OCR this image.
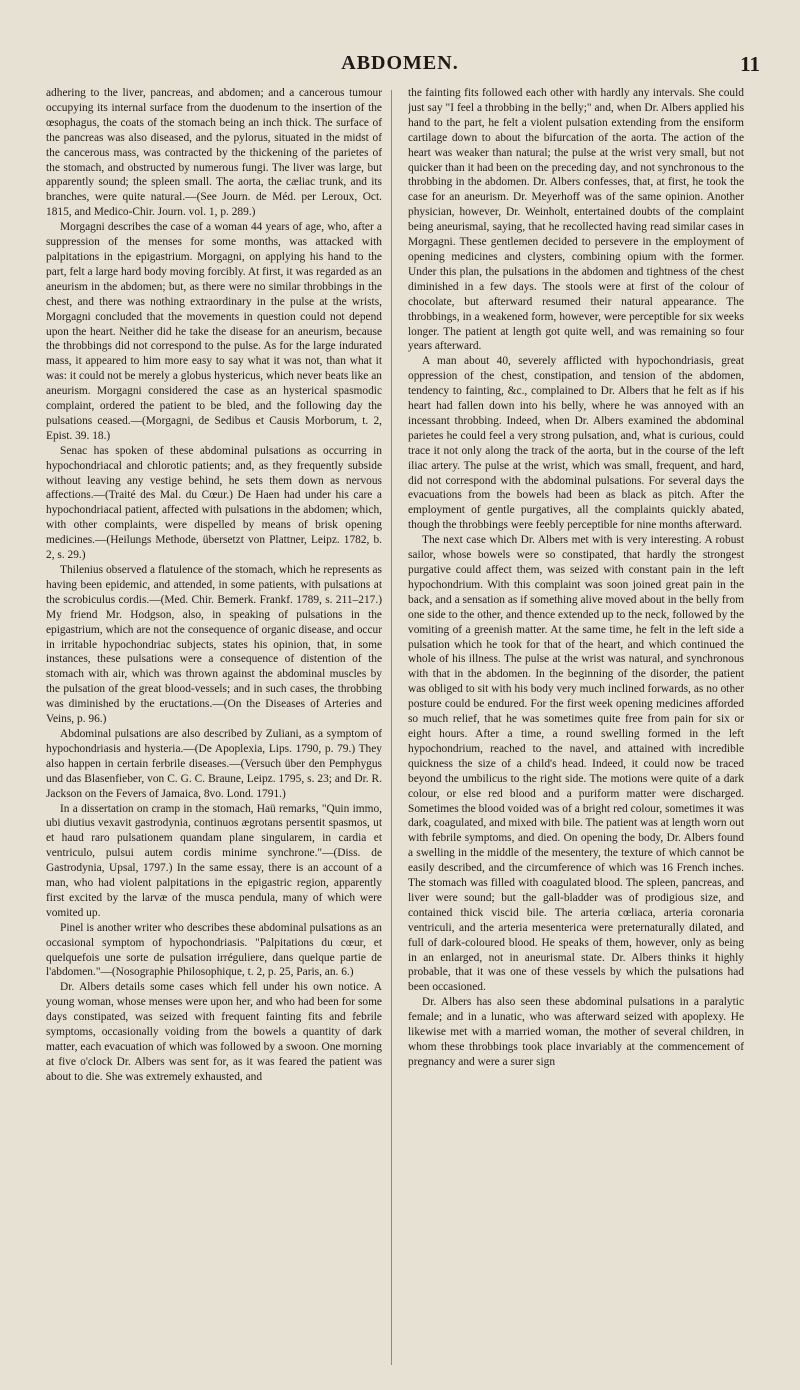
ABDOMEN.	11

adhering to the liver, pancreas, and abdomen; and a cancerous tumour occupying its internal surface from the duodenum to the insertion of the œsophagus, the coats of the stomach being an inch thick. The surface of the pancreas was also diseased, and the pylorus, situated in the midst of the cancerous mass, was contracted by the thickening of the parietes of the stomach, and obstructed by numerous fungi. The liver was large, but apparently sound; the spleen small. The aorta, the cæliac trunk, and its branches, were quite natural.—(See Journ. de Méd. per Leroux, Oct. 1815, and Medico-Chir. Journ. vol. 1, p. 289.)

Morgagni describes the case of a woman 44 years of age, who, after a suppression of the menses for some months, was attacked with palpitations in the epigastrium. Morgagni, on applying his hand to the part, felt a large hard body moving forcibly. At first, it was regarded as an aneurism in the abdomen; but, as there were no similar throbbings in the chest, and there was nothing extraordinary in the pulse at the wrists, Morgagni concluded that the movements in question could not depend upon the heart. Neither did he take the disease for an aneurism, because the throbbings did not correspond to the pulse. As for the large indurated mass, it appeared to him more easy to say what it was not, than what it was: it could not be merely a globus hystericus, which never beats like an aneurism. Morgagni considered the case as an hysterical spasmodic complaint, ordered the patient to be bled, and the following day the pulsations ceased.—(Morgagni, de Sedibus et Causis Morborum, t. 2, Epist. 39. 18.)

Senac has spoken of these abdominal pulsations as occurring in hypochondriacal and chlorotic patients; and, as they frequently subside without leaving any vestige behind, he sets them down as nervous affections.—(Traité des Mal. du Cœur.) De Haen had under his care a hypochondriacal patient, affected with pulsations in the abdomen; which, with other complaints, were dispelled by means of brisk opening medicines.—(Heilungs Methode, übersetzt von Plattner, Leipz. 1782, b. 2, s. 29.)

Thilenius observed a flatulence of the stomach, which he represents as having been epidemic, and attended, in some patients, with pulsations at the scrobiculus cordis.—(Med. Chir. Bemerk. Frankf. 1789, s. 211–217.) My friend Mr. Hodgson, also, in speaking of pulsations in the epigastrium, which are not the consequence of organic disease, and occur in irritable hypochondriac subjects, states his opinion, that, in some instances, these pulsations were a consequence of distention of the stomach with air, which was thrown against the abdominal muscles by the pulsation of the great blood-vessels; and in such cases, the throbbing was diminished by the eructations.—(On the Diseases of Arteries and Veins, p. 96.)

Abdominal pulsations are also described by Zuliani, as a symptom of hypochondriasis and hysteria.—(De Apoplexia, Lips. 1790, p. 79.) They also happen in certain ferbrile diseases.—(Versuch über den Pemphygus und das Blasenfieber, von C. G. C. Braune, Leipz. 1795, s. 23; and Dr. R. Jackson on the Fevers of Jamaica, 8vo. Lond. 1791.)

In a dissertation on cramp in the stomach, Haü remarks, "Quin immo, ubi diutius vexavit gastrodynia, continuos ægrotans persentit spasmos, ut et haud raro pulsationem quandam plane singularem, in cardia et ventriculo, pulsui autem cordis minime synchrone."—(Diss. de Gastrodynia, Upsal, 1797.) In the same essay, there is an account of a man, who had violent palpitations in the epigastric region, apparently first excited by the larvæ of the musca pendula, many of which were vomited up.

Pinel is another writer who describes these abdominal pulsations as an occasional symptom of hypochondriasis. "Palpitations du cœur, et quelquefois une sorte de pulsation irréguliere, dans quelque partie de l'abdomen."—(Nosographie Philosophique, t. 2, p. 25, Paris, an. 6.)

Dr. Albers details some cases which fell under his own notice. A young woman, whose menses were upon her, and who had been for some days constipated, was seized with frequent fainting fits and febrile symptoms, occasionally voiding from the bowels a quantity of dark matter, each evacuation of which was followed by a swoon. One morning at five o'clock Dr. Albers was sent for, as it was feared the patient was about to die. She was extremely exhausted, and

the fainting fits followed each other with hardly any intervals. She could just say "I feel a throbbing in the belly;" and, when Dr. Albers applied his hand to the part, he felt a violent pulsation extending from the ensiform cartilage down to about the bifurcation of the aorta. The action of the heart was weaker than natural; the pulse at the wrist very small, but not quicker than it had been on the preceding day, and not synchronous to the throbbing in the abdomen. Dr. Albers confesses, that, at first, he took the case for an aneurism. Dr. Meyerhoff was of the same opinion. Another physician, however, Dr. Weinholt, entertained doubts of the complaint being aneurismal, saying, that he recollected having read similar cases in Morgagni. These gentlemen decided to persevere in the employment of opening medicines and clysters, combining opium with the former. Under this plan, the pulsations in the abdomen and tightness of the chest diminished in a few days. The stools were at first of the colour of chocolate, but afterward resumed their natural appearance. The throbbings, in a weakened form, however, were perceptible for six weeks longer. The patient at length got quite well, and was remaining so four years afterward.

A man about 40, severely afflicted with hypochondriasis, great oppression of the chest, constipation, and tension of the abdomen, tendency to fainting, &c., complained to Dr. Albers that he felt as if his heart had fallen down into his belly, where he was annoyed with an incessant throbbing. Indeed, when Dr. Albers examined the abdominal parietes he could feel a very strong pulsation, and, what is curious, could trace it not only along the track of the aorta, but in the course of the left iliac artery. The pulse at the wrist, which was small, frequent, and hard, did not correspond with the abdominal pulsations. For several days the evacuations from the bowels had been as black as pitch. After the employment of gentle purgatives, all the complaints quickly abated, though the throbbings were feebly perceptible for nine months afterward.

The next case which Dr. Albers met with is very interesting. A robust sailor, whose bowels were so constipated, that hardly the strongest purgative could affect them, was seized with constant pain in the left hypochondrium. With this complaint was soon joined great pain in the back, and a sensation as if something alive moved about in the belly from one side to the other, and thence extended up to the neck, followed by the vomiting of a greenish matter. At the same time, he felt in the left side a pulsation which he took for that of the heart, and which continued the whole of his illness. The pulse at the wrist was natural, and synchronous with that in the abdomen. In the beginning of the disorder, the patient was obliged to sit with his body very much inclined forwards, as no other posture could be endured. For the first week opening medicines afforded so much relief, that he was sometimes quite free from pain for six or eight hours. After a time, a round swelling formed in the left hypochondrium, reached to the navel, and attained with incredible quickness the size of a child's head. Indeed, it could now be traced beyond the umbilicus to the right side. The motions were quite of a dark colour, or else red blood and a puriform matter were discharged. Sometimes the blood voided was of a bright red colour, sometimes it was dark, coagulated, and mixed with bile. The patient was at length worn out with febrile symptoms, and died. On opening the body, Dr. Albers found a swelling in the middle of the mesentery, the texture of which cannot be easily described, and the circumference of which was 16 French inches. The stomach was filled with coagulated blood. The spleen, pancreas, and liver were sound; but the gall-bladder was of prodigious size, and contained thick viscid bile. The arteria cœliaca, arteria coronaria ventriculi, and the arteria mesenterica were preternaturally dilated, and full of dark-coloured blood. He speaks of them, however, only as being in an enlarged, not in aneurismal state. Dr. Albers thinks it highly probable, that it was one of these vessels by which the pulsations had been occasioned.

Dr. Albers has also seen these abdominal pulsations in a paralytic female; and in a lunatic, who was afterward seized with apoplexy. He likewise met with a married woman, the mother of several children, in whom these throbbings took place invariably at the commencement of pregnancy and were a surer sign
